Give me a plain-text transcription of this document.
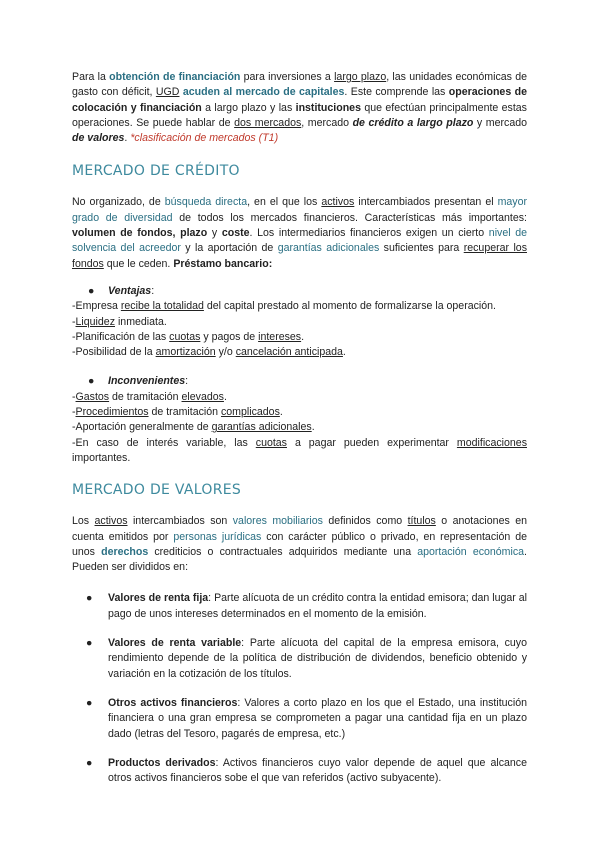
Para la obtención de financiación para inversiones a largo plazo, las unidades económicas de gasto con déficit, UGD acuden al mercado de capitales. Este comprende las operaciones de colocación y financiación a largo plazo y las instituciones que efectúan principalmente estas operaciones. Se puede hablar de dos mercados, mercado de crédito a largo plazo y mercado de valores. *clasificación de mercados (T1)

MERCADO DE CRÉDITO

No organizado, de búsqueda directa, en el que los activos intercambiados presentan el mayor grado de diversidad de todos los mercados financieros. Características más importantes: volumen de fondos, plazo y coste. Los intermediarios financieros exigen un cierto nivel de solvencia del acreedor y la aportación de garantías adicionales suficientes para recuperar los fondos que le ceden. Préstamo bancario:

● Ventajas:

-Empresa recibe la totalidad del capital prestado al momento de formalizarse la operación.

-Liquidez inmediata.

-Planificación de las cuotas y pagos de intereses.

-Posibilidad de la amortización y/o cancelación anticipada.

● Inconvenientes:

-Gastos de tramitación elevados.

-Procedimientos de tramitación complicados.

-Aportación generalmente de garantías adicionales.

-En caso de interés variable, las cuotas a pagar pueden experimentar modificaciones importantes.

MERCADO DE VALORES

Los activos intercambiados son valores mobiliarios definidos como títulos o anotaciones en cuenta emitidos por personas jurídicas con carácter público o privado, en representación de unos derechos crediticios o contractuales adquiridos mediante una aportación económica. Pueden ser divididos en:

●	Valores de renta fija: Parte alícuota de un crédito contra la entidad emisora; dan lugar al pago de unos intereses determinados en el momento de la emisión.
●	Valores de renta variable: Parte alícuota del capital de la empresa emisora, cuyo rendimiento depende de la política de distribución de dividendos, beneficio obtenido y variación en la cotización de los títulos.
●	Otros activos financieros: Valores a corto plazo en los que el Estado, una institución financiera o una gran empresa se comprometen a pagar una cantidad fija en un plazo dado (letras del Tesoro, pagarés de empresa, etc.)
●	Productos derivados: Activos financieros cuyo valor depende de aquel que alcance otros activos financieros sobe el que van referidos (activo subyacente).
